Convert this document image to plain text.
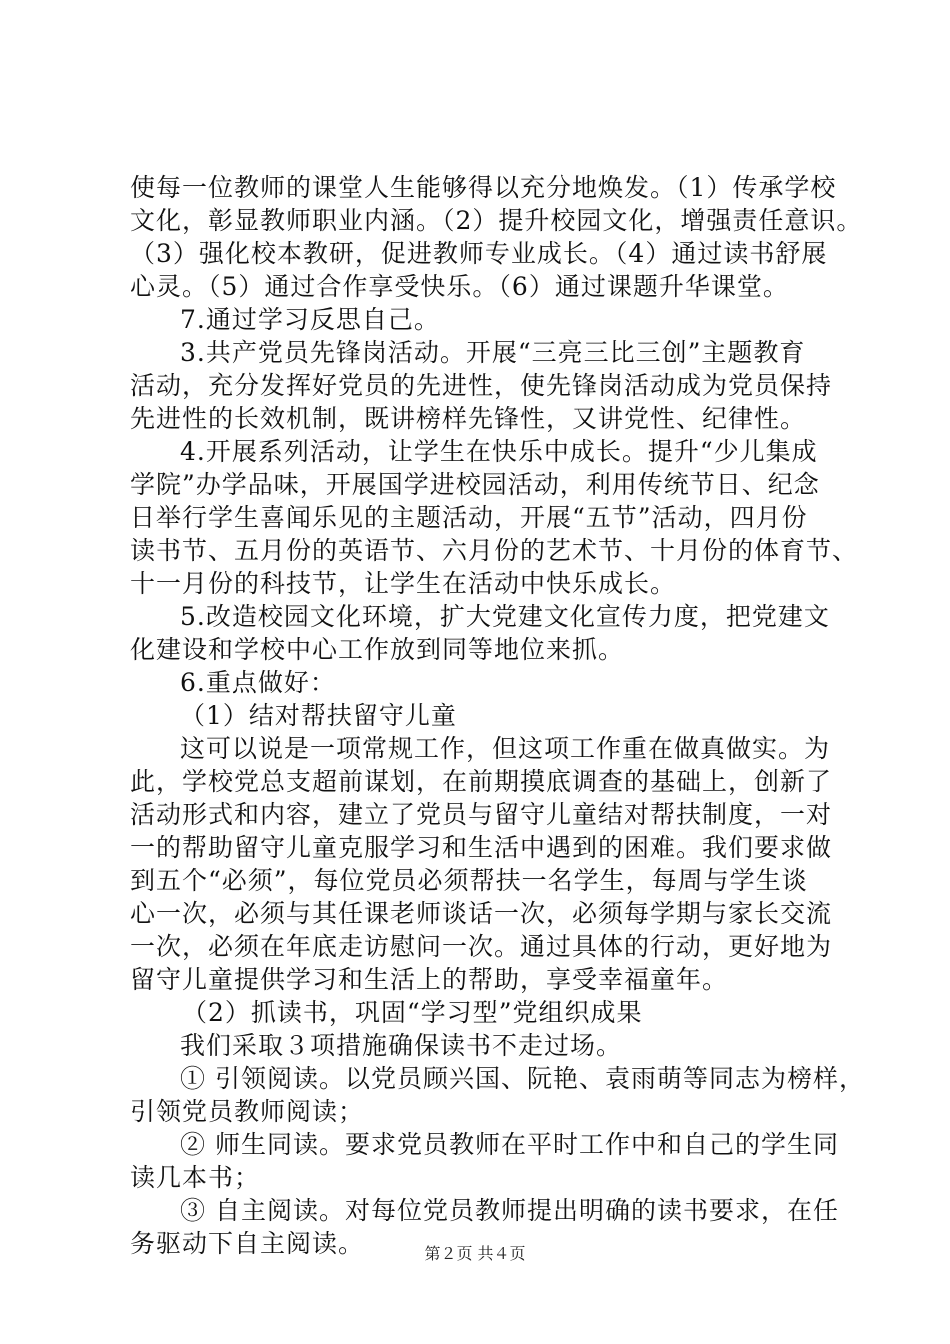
使每一位教师的课堂人生能够得以充分地焕发。（1）传承学校
文化，彰显教师职业内涵。（2）提升校园文化，增强责任意识。
（3）强化校本教研，促进教师专业成长。（4）通过读书舒展
心灵。（5）通过合作享受快乐。（6）通过课题升华课堂。
7.通过学习反思自己。
3.共产党员先锋岗活动。开展“三亮三比三创”主题教育
活动，充分发挥好党员的先进性，使先锋岗活动成为党员保持
先进性的长效机制，既讲榜样先锋性，又讲党性、纪律性。
4.开展系列活动，让学生在快乐中成长。提升“少儿集成
学院”办学品味，开展国学进校园活动，利用传统节日、纪念
日举行学生喜闻乐见的主题活动，开展“五节”活动，四月份
读书节、五月份的英语节、六月份的艺术节、十月份的体育节、
十一月份的科技节，让学生在活动中快乐成长。
5.改造校园文化环境，扩大党建文化宣传力度，把党建文
化建设和学校中心工作放到同等地位来抓。
6.重点做好：
（1）结对帮扶留守儿童
这可以说是一项常规工作，但这项工作重在做真做实。为
此，学校党总支超前谋划，在前期摸底调查的基础上，创新了
活动形式和内容，建立了党员与留守儿童结对帮扶制度，一对
一的帮助留守儿童克服学习和生活中遇到的困难。我们要求做
到五个“必须”，每位党员必须帮扶一名学生，每周与学生谈
心一次，必须与其任课老师谈话一次，必须每学期与家长交流
一次，必须在年底走访慰问一次。通过具体的行动，更好地为
留守儿童提供学习和生活上的帮助，享受幸福童年。
（2）抓读书，巩固“学习型”党组织成果
我们采取３项措施确保读书不走过场。
① 引领阅读。以党员顾兴国、阮艳、袁雨萌等同志为榜样，
引领党员教师阅读；
② 师生同读。要求党员教师在平时工作中和自己的学生同
读几本书；
③ 自主阅读。对每位党员教师提出明确的读书要求，在任
务驱动下自主阅读。	第２页 共４页
